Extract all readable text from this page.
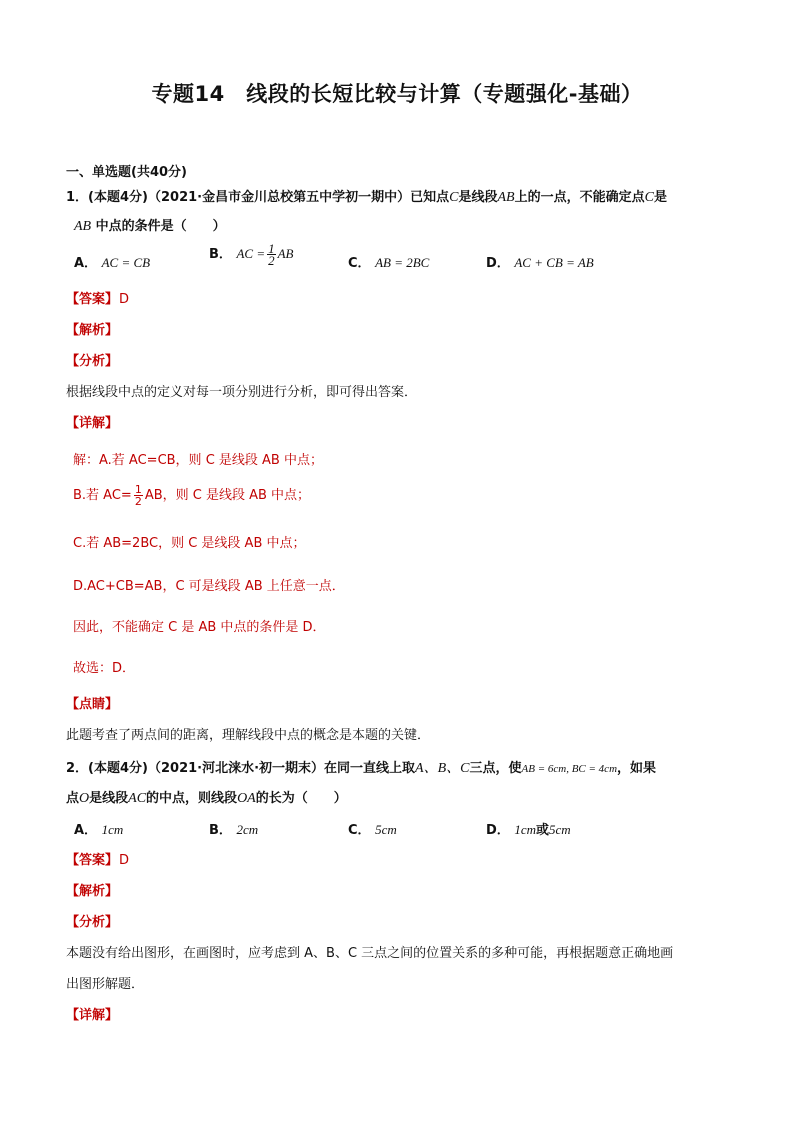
专题14　线段的长短比较与计算（专题强化-基础）
一、单选题(共40分)
1．(本题4分)（2021·金昌市金川总校第五中学初一期中）已知点C是线段AB上的一点，不能确定点C是
AB 中点的条件是（　　）
A． AC = CB
B． AC = $\frac{1}{2}$ AB
C． AB = 2BC	D． AC + CB = AB
【答案】D
【解析】
【分析】
根据线段中点的定义对每一项分别进行分析，即可得出答案．
【详解】
解：A.若 AC=CB，则 C 是线段 AB 中点；
B.若 $AC= \frac{1}{2}$ AB，则 C 是线段 AB 中点；
C.若 AB=2BC，则 C 是线段 AB 中点；
D.AC+CB=AB，C 可是线段 AB 上任意一点．
因此，不能确定 C 是 AB 中点的条件是 D．
故选：D．
【点睛】
此题考查了两点间的距离，理解线段中点的概念是本题的关键．
2．(本题4分)（2021·河北涞水·初一期末）在同一直线上取A、B、C三点，使AB = 6cm, BC = 4cm，如果
点O是线段AC的中点，则线段OA的长为（　　）
A． 1cm	B． 2cm	C． 5cm	D． 1cm或5cm
【答案】D
【解析】
【分析】
本题没有给出图形，在画图时，应考虑到 A、B、C 三点之间的位置关系的多种可能，再根据题意正确地画
出图形解题．
【详解】
